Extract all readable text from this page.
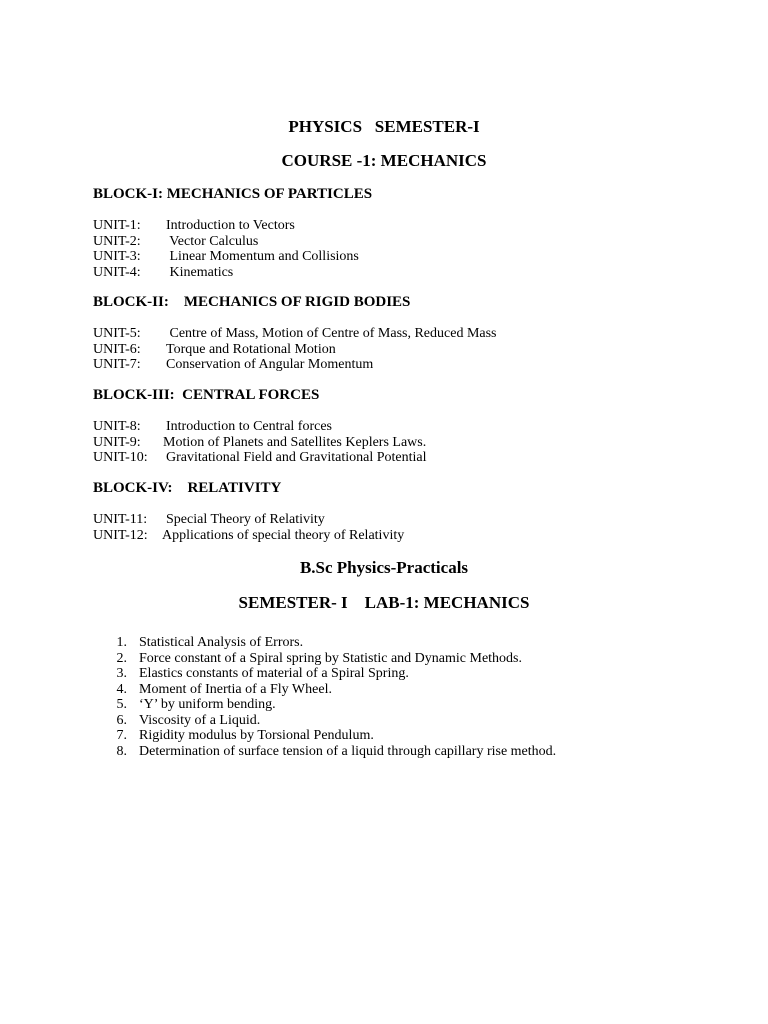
PHYSICS   SEMESTER-I
COURSE -1: MECHANICS
BLOCK-I: MECHANICS OF PARTICLES
UNIT-1: Introduction to Vectors
UNIT-2: Vector Calculus
UNIT-3: Linear Momentum and Collisions
UNIT-4: Kinematics
BLOCK-II:    MECHANICS OF RIGID BODIES
UNIT-5: Centre of Mass, Motion of Centre of Mass, Reduced Mass
UNIT-6: Torque and Rotational Motion
UNIT-7: Conservation of Angular Momentum
BLOCK-III:  CENTRAL FORCES
UNIT-8: Introduction to Central forces
UNIT-9: Motion of Planets and Satellites Keplers Laws.
UNIT-10: Gravitational Field and Gravitational Potential
BLOCK-IV:    RELATIVITY
UNIT-11: Special Theory of Relativity
UNIT-12: Applications of special theory of Relativity
B.Sc Physics-Practicals
SEMESTER- I    LAB-1: MECHANICS
1. Statistical Analysis of Errors.
2. Force constant of a Spiral spring by Statistic and Dynamic Methods.
3. Elastics constants of material of a Spiral Spring.
4. Moment of Inertia of a Fly Wheel.
5. ‘Y’ by uniform bending.
6. Viscosity of a Liquid.
7. Rigidity modulus by Torsional Pendulum.
8. Determination of surface tension of a liquid through capillary rise method.
